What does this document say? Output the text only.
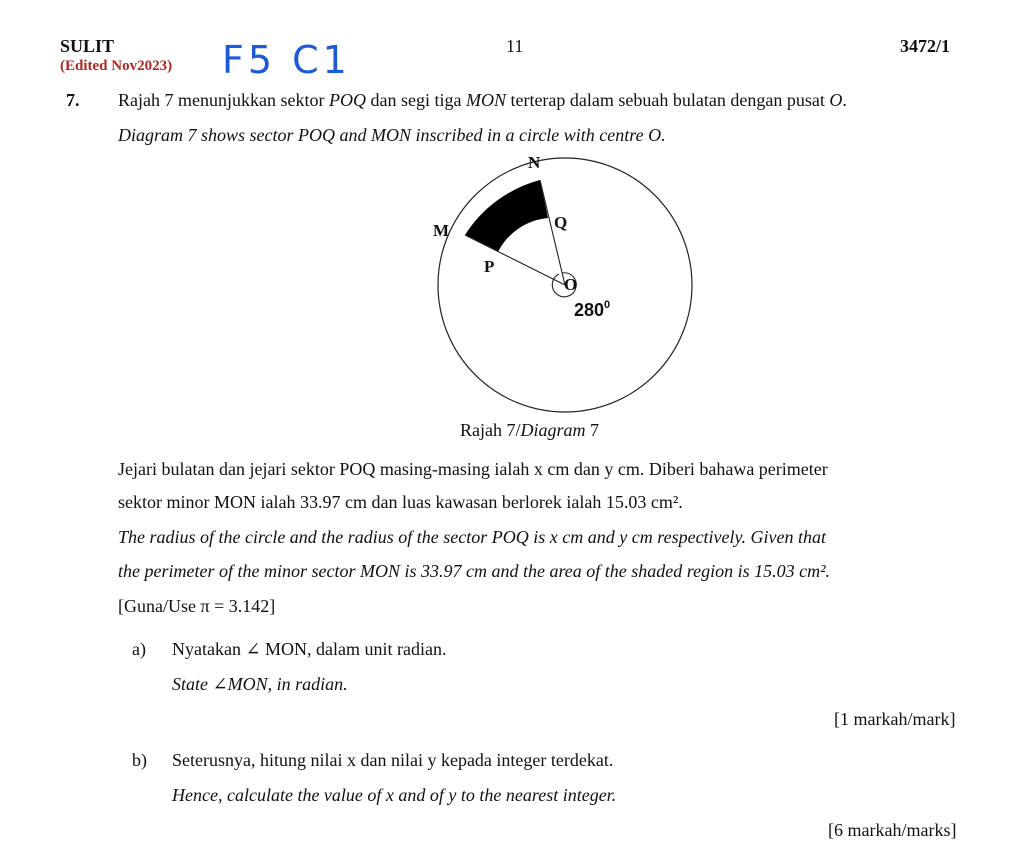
SULIT
(Edited Nov2023) F5 C1	11	3472/1
7. Rajah 7 menunjukkan sektor POQ dan segi tiga MON terterap dalam sebuah bulatan dengan pusat O.
Diagram 7 shows sector POQ and MON inscribed in a circle with centre O.
N
M	Q
P
O
$280^0$
Rajah 7/Diagram 7
Jejari bulatan dan jejari sektor POQ masing-masing ialah x cm dan y cm. Diberi bahawa perimeter
sektor minor MON ialah 33.97 cm dan luas kawasan berlorek ialah 15.03 cm².
The radius of the circle and the radius of the sector POQ is x cm and y cm respectively. Given that
the perimeter of the minor sector MON is 33.97 cm and the area of the shaded region is 15.03 cm².
[Guna/Use π = 3.142]
a) Nyatakan ∠ MON, dalam unit radian.
State ∠MON, in radian.
[1 markah/mark]
b) Seterusnya, hitung nilai x dan nilai y kepada integer terdekat.
Hence, calculate the value of x and of y to the nearest integer.
[6 markah/marks]
